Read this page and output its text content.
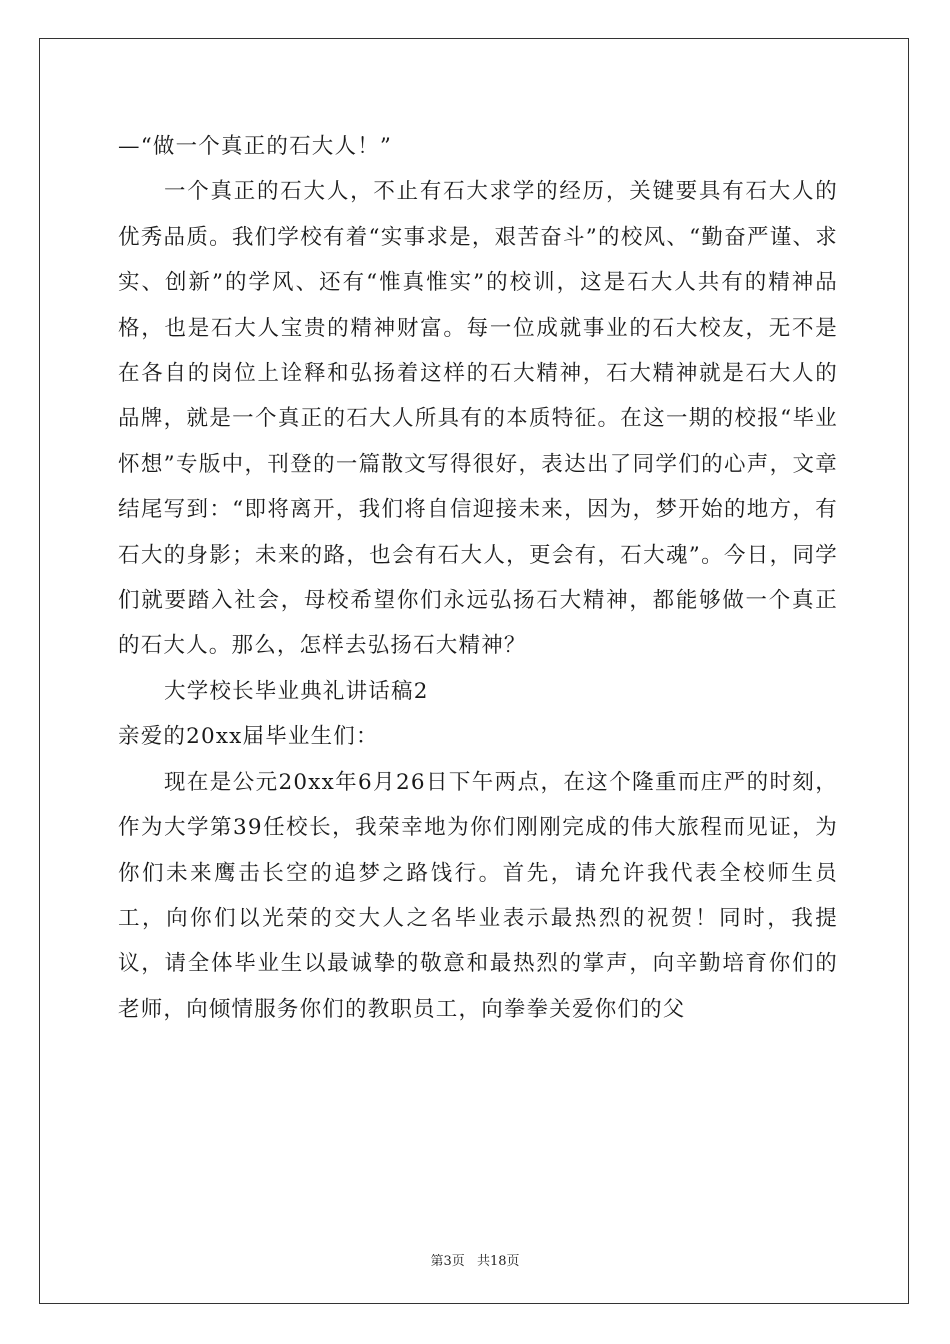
—“做一个真正的石大人！”

一个真正的石大人，不止有石大求学的经历，关键要具有石大人的优秀品质。我们学校有着“实事求是，艰苦奋斗”的校风、“勤奋严谨、求实、创新”的学风、还有“惟真惟实”的校训，这是石大人共有的精神品格，也是石大人宝贵的精神财富。每一位成就事业的石大校友，无不是在各自的岗位上诠释和弘扬着这样的石大精神，石大精神就是石大人的品牌，就是一个真正的石大人所具有的本质特征。在这一期的校报“毕业怀想”专版中，刊登的一篇散文写得很好，表达出了同学们的心声，文章结尾写到：“即将离开，我们将自信迎接未来，因为，梦开始的地方，有石大的身影；未来的路，也会有石大人，更会有，石大魂”。今日，同学们就要踏入社会，母校希望你们永远弘扬石大精神，都能够做一个真正的石大人。那么，怎样去弘扬石大精神？

大学校长毕业典礼讲话稿2

亲爱的20xx届毕业生们：

现在是公元20xx年6月26日下午两点，在这个隆重而庄严的时刻，作为大学第39任校长，我荣幸地为你们刚刚完成的伟大旅程而见证，为你们未来鹰击长空的追梦之路饯行。首先，请允许我代表全校师生员工，向你们以光荣的交大人之名毕业表示最热烈的祝贺！同时，我提议，请全体毕业生以最诚挚的敬意和最热烈的掌声，向辛勤培育你们的老师，向倾情服务你们的教职员工，向拳拳关爱你们的父

第3页 共18页
